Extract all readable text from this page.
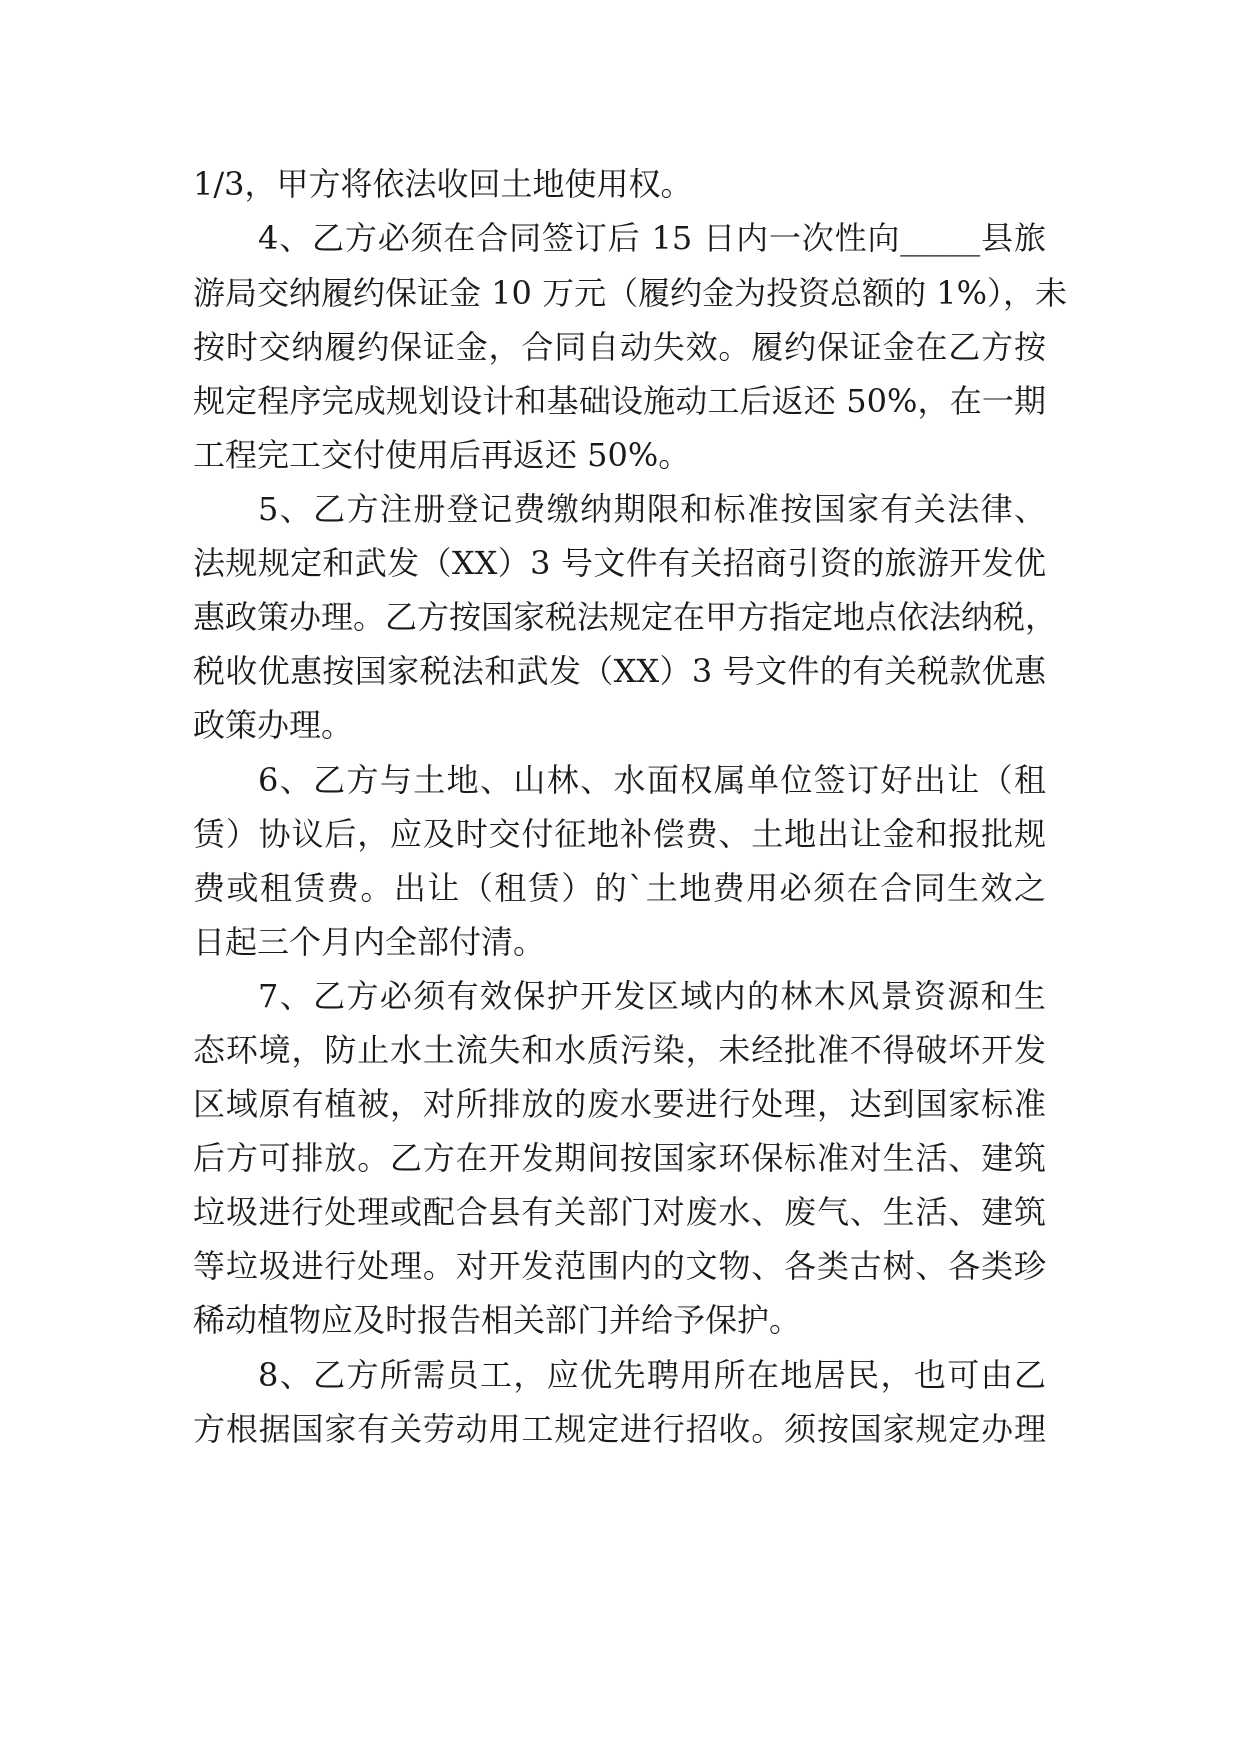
1/3，甲方将依法收回土地使用权。
4、乙方必须在合同签订后 15 日内一次性向_____县旅
游局交纳履约保证金 10 万元（履约金为投资总额的 1%），未
按时交纳履约保证金，合同自动失效。履约保证金在乙方按
规定程序完成规划设计和基础设施动工后返还 50%，在一期
工程完工交付使用后再返还 50%。
5、乙方注册登记费缴纳期限和标准按国家有关法律、
法规规定和武发（XX）3 号文件有关招商引资的旅游开发优
惠政策办理。乙方按国家税法规定在甲方指定地点依法纳税，
税收优惠按国家税法和武发（XX）3 号文件的有关税款优惠
政策办理。
6、乙方与土地、山林、水面权属单位签订好出让（租
赁）协议后，应及时交付征地补偿费、土地出让金和报批规
费或租赁费。出让（租赁）的`土地费用必须在合同生效之
日起三个月内全部付清。
7、乙方必须有效保护开发区域内的林木风景资源和生
态环境，防止水土流失和水质污染，未经批准不得破坏开发
区域原有植被，对所排放的废水要进行处理，达到国家标准
后方可排放。乙方在开发期间按国家环保标准对生活、建筑
垃圾进行处理或配合县有关部门对废水、废气、生活、建筑
等垃圾进行处理。对开发范围内的文物、各类古树、各类珍
稀动植物应及时报告相关部门并给予保护。
8、乙方所需员工，应优先聘用所在地居民，也可由乙
方根据国家有关劳动用工规定进行招收。须按国家规定办理
